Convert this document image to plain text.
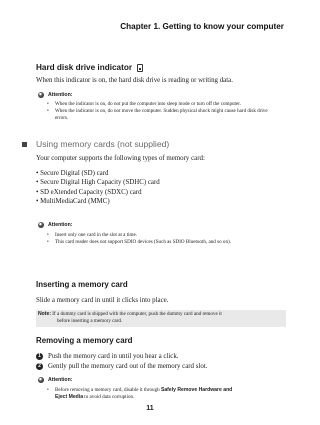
Chapter 1. Getting to know your computer
Hard disk drive indicator
When this indicator is on, the hard disk drive is reading or writing data.
Attention:
• When the indicator is on, do not put the computer into sleep mode or turn off the computer.
• When the indicator is on, do not move the computer. Sudden physical shock might cause hard disk drive errors.
Using memory cards (not supplied)
Your computer supports the following types of memory card:
• Secure Digital (SD) card
• Secure Digital High Capacity (SDHC) card
• SD eXtended Capacity (SDXC) card
• MultiMediaCard (MMC)
Attention:
• Insert only one card in the slot at a time.
• This card reader does not support SDIO devices (Such as SDIO Bluetooth, and so on).
Inserting a memory card
Slide a memory card in until it clicks into place.
Note: If a dummy card is shipped with the computer, push the dummy card and remove it
before inserting a memory card.
Removing a memory card
1	Push the memory card in until you hear a click.
2	Gently pull the memory card out of the memory card slot.
Attention:
• Before removing a memory card, disable it through Safely Remove Hardware and
Eject Media to avoid data corruption.
11
